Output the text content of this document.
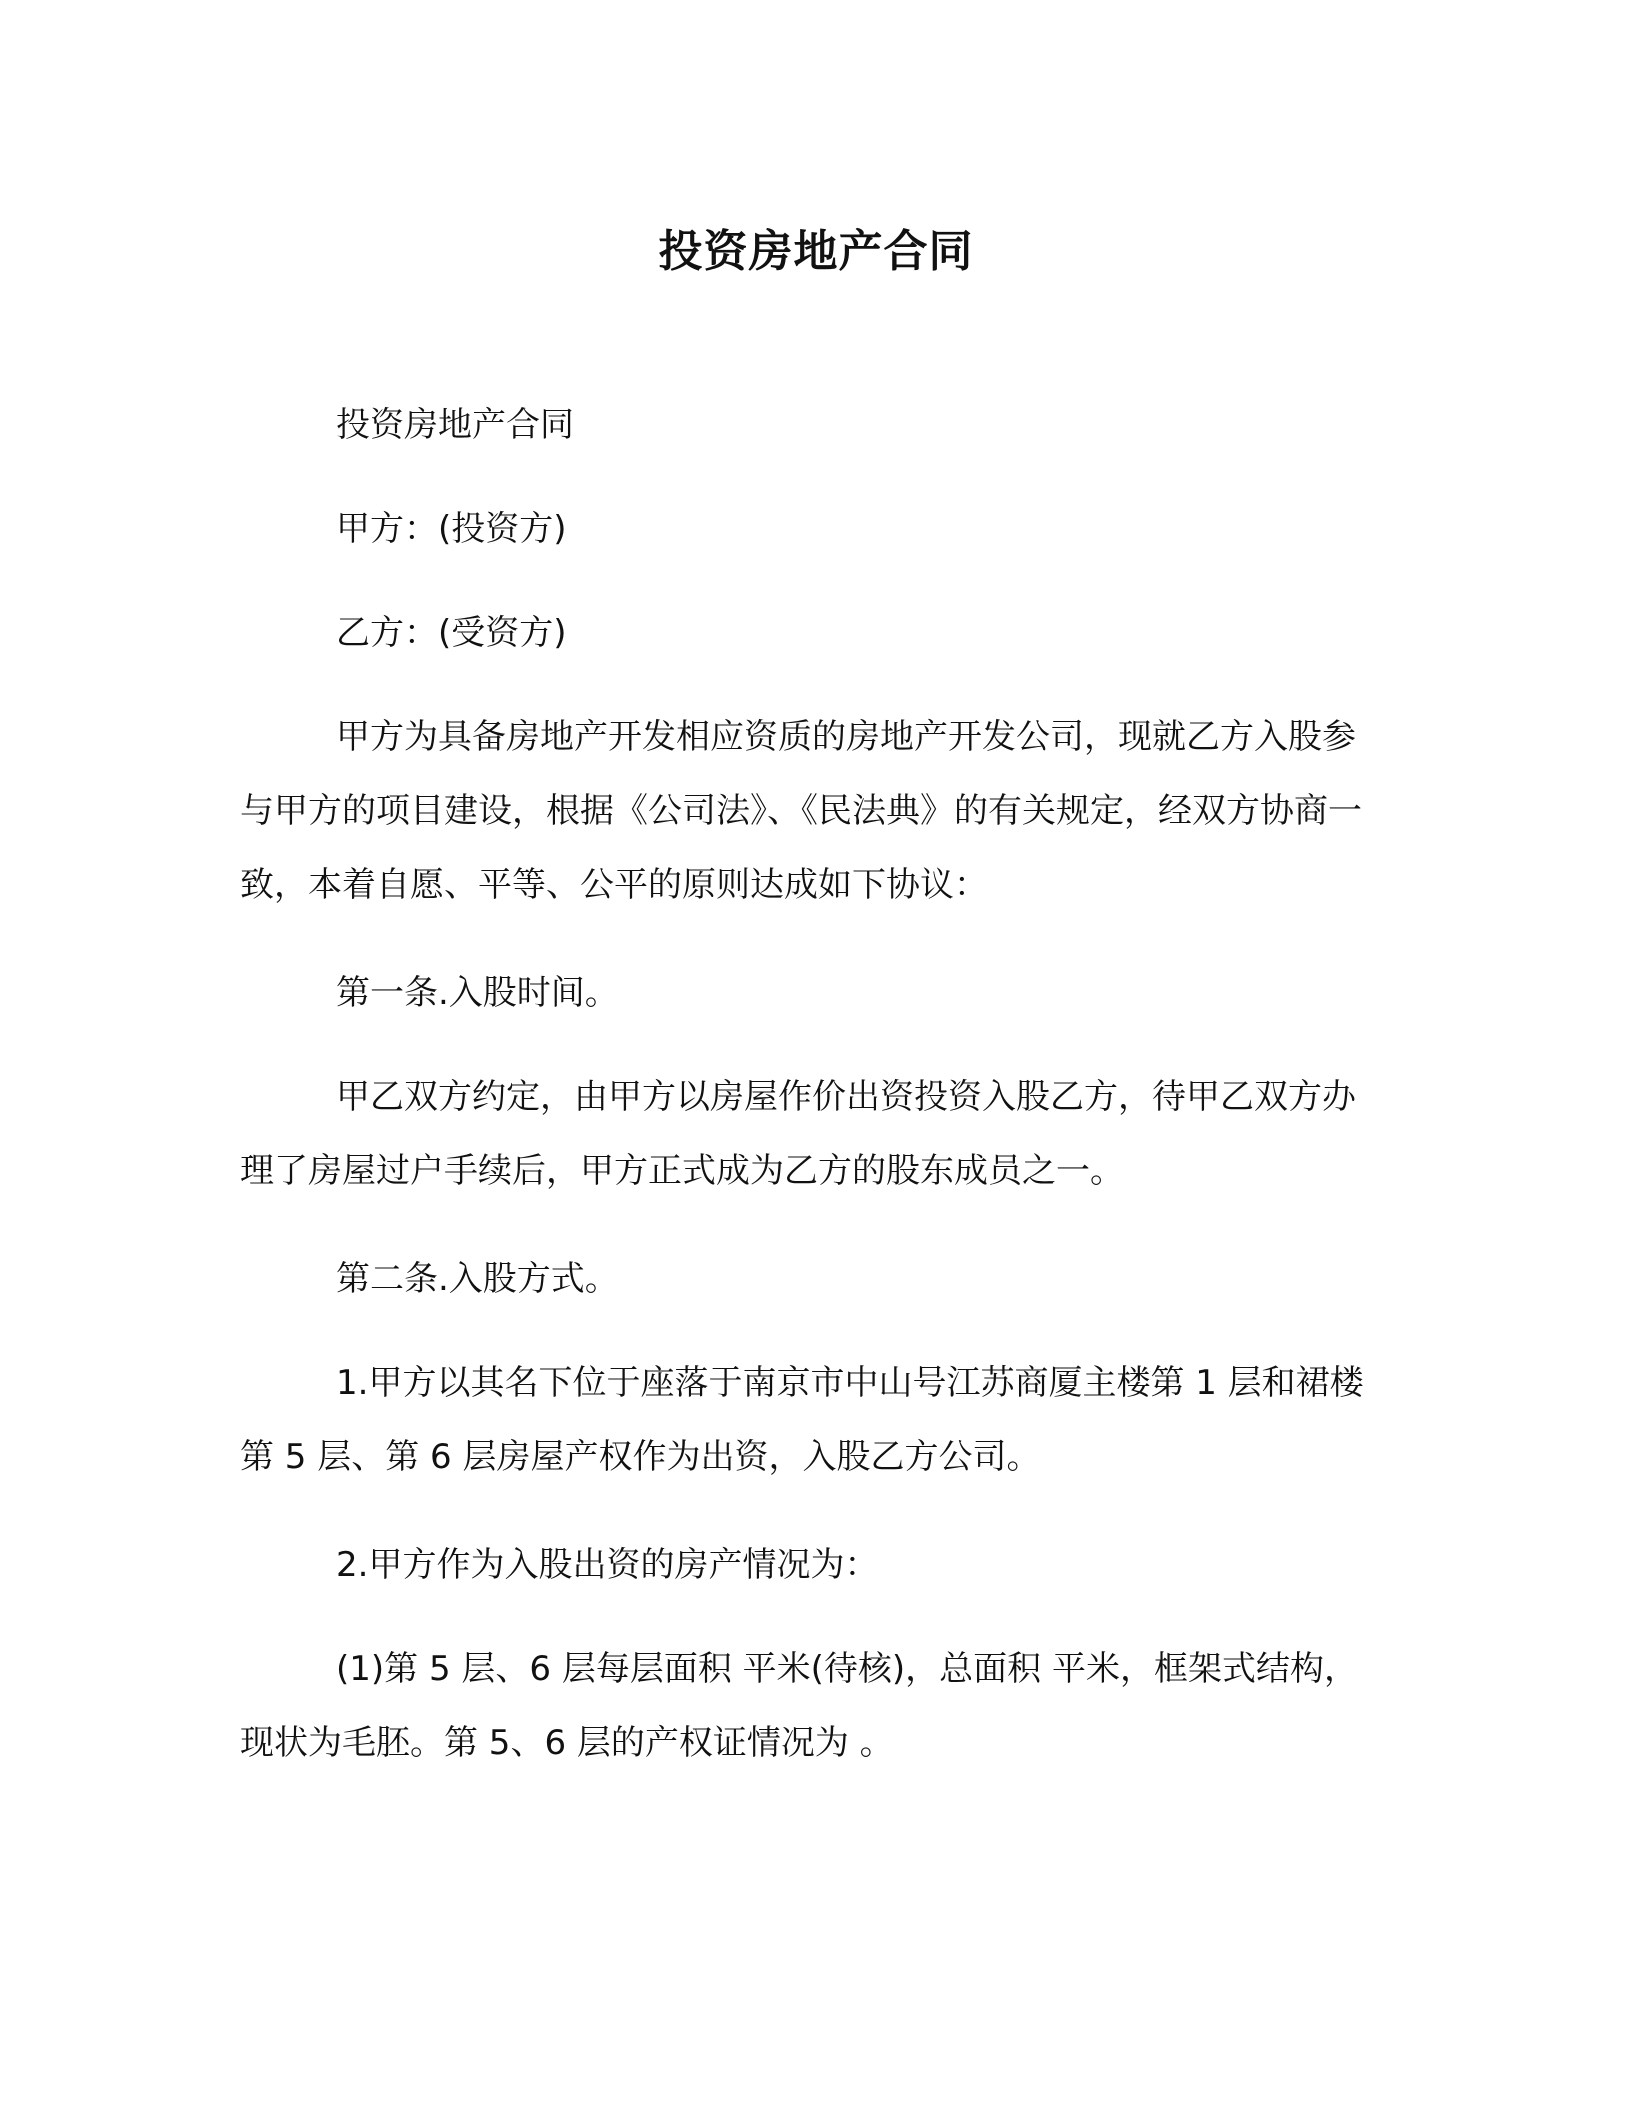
投资房地产合同

投资房地产合同

甲方：(投资方)

乙方：(受资方)

甲方为具备房地产开发相应资质的房地产开发公司，现就乙方入股参与甲方的项目建设，根据《公司法》、《民法典》的有关规定，经双方协商一致，本着自愿、平等、公平的原则达成如下协议：

第一条.入股时间。

甲乙双方约定，由甲方以房屋作价出资投资入股乙方，待甲乙双方办理了房屋过户手续后，甲方正式成为乙方的股东成员之一。

第二条.入股方式。

1.甲方以其名下位于座落于南京市中山号江苏商厦主楼第 1 层和裙楼第 5 层、第 6 层房屋产权作为出资，入股乙方公司。

2.甲方作为入股出资的房产情况为：

(1)第 5 层、6 层每层面积 平米(待核)，总面积 平米，框架式结构，现状为毛胚。第 5、6 层的产权证情况为 。
